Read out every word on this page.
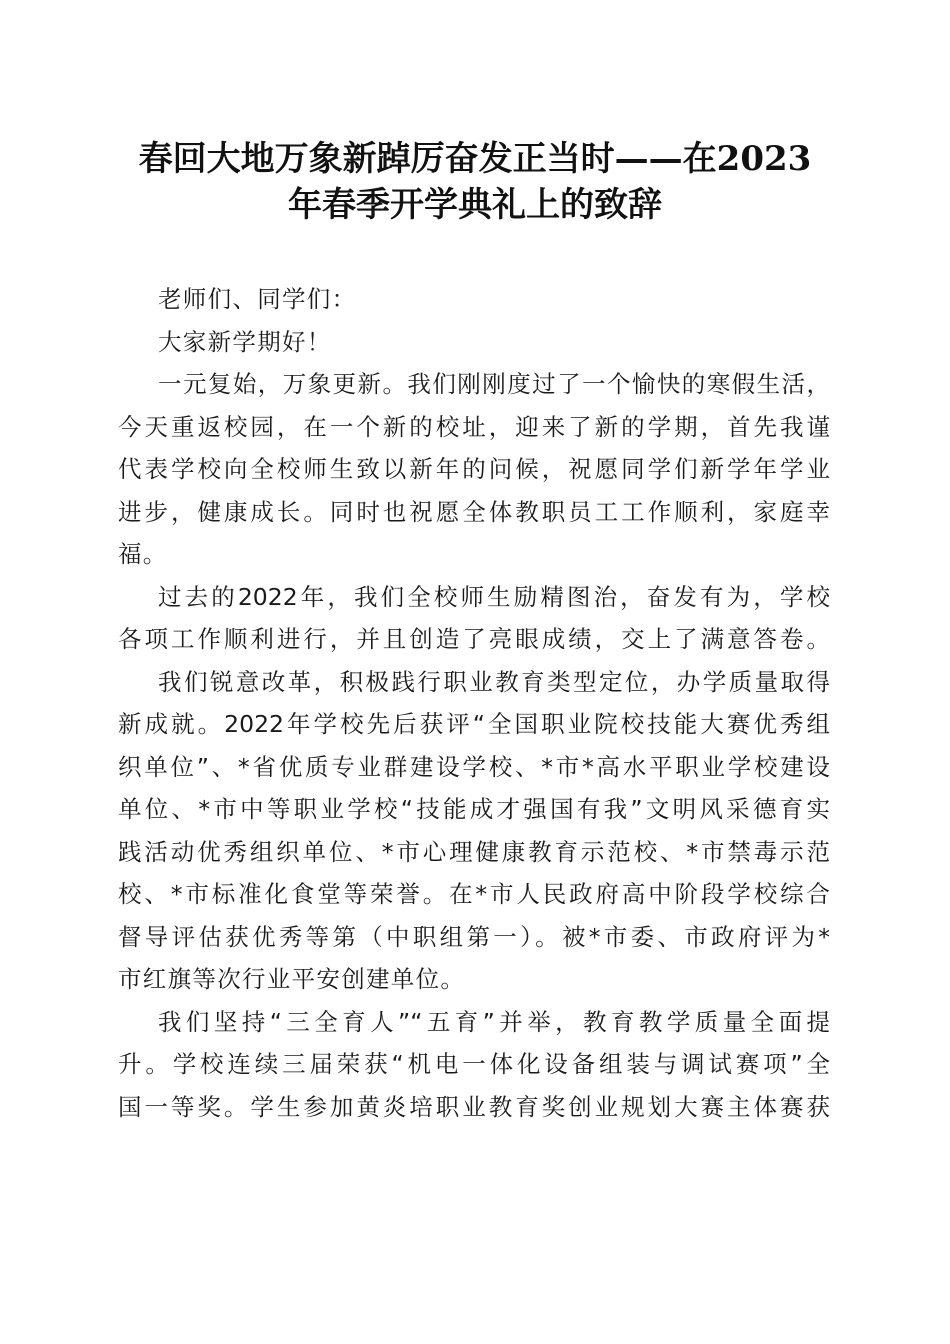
春回大地万象新踔厉奋发正当时——在2023
年春季开学典礼上的致辞
老师们、同学们：
大家新学期好！
一元复始，万象更新。我们刚刚度过了一个愉快的寒假生活，
今天重返校园，在一个新的校址，迎来了新的学期，首先我谨
代表学校向全校师生致以新年的问候，祝愿同学们新学年学业
进步，健康成长。同时也祝愿全体教职员工工作顺利，家庭幸
福。
过去的2022年，我们全校师生励精图治，奋发有为，学校
各项工作顺利进行，并且创造了亮眼成绩，交上了满意答卷。
我们锐意改革，积极践行职业教育类型定位，办学质量取得
新成就。2022年学校先后获评“全国职业院校技能大赛优秀组
织单位”、*省优质专业群建设学校、*市*高水平职业学校建设
单位、*市中等职业学校“技能成才强国有我”文明风采德育实
践活动优秀组织单位、*市心理健康教育示范校、*市禁毒示范
校、*市标准化食堂等荣誉。在*市人民政府高中阶段学校综合
督导评估获优秀等第（中职组第一）。被*市委、市政府评为*
市红旗等次行业平安创建单位。
我们坚持“三全育人”“五育”并举，教育教学质量全面提
升。学校连续三届荣获“机电一体化设备组装与调试赛项”全
国一等奖。学生参加黄炎培职业教育奖创业规划大赛主体赛获
